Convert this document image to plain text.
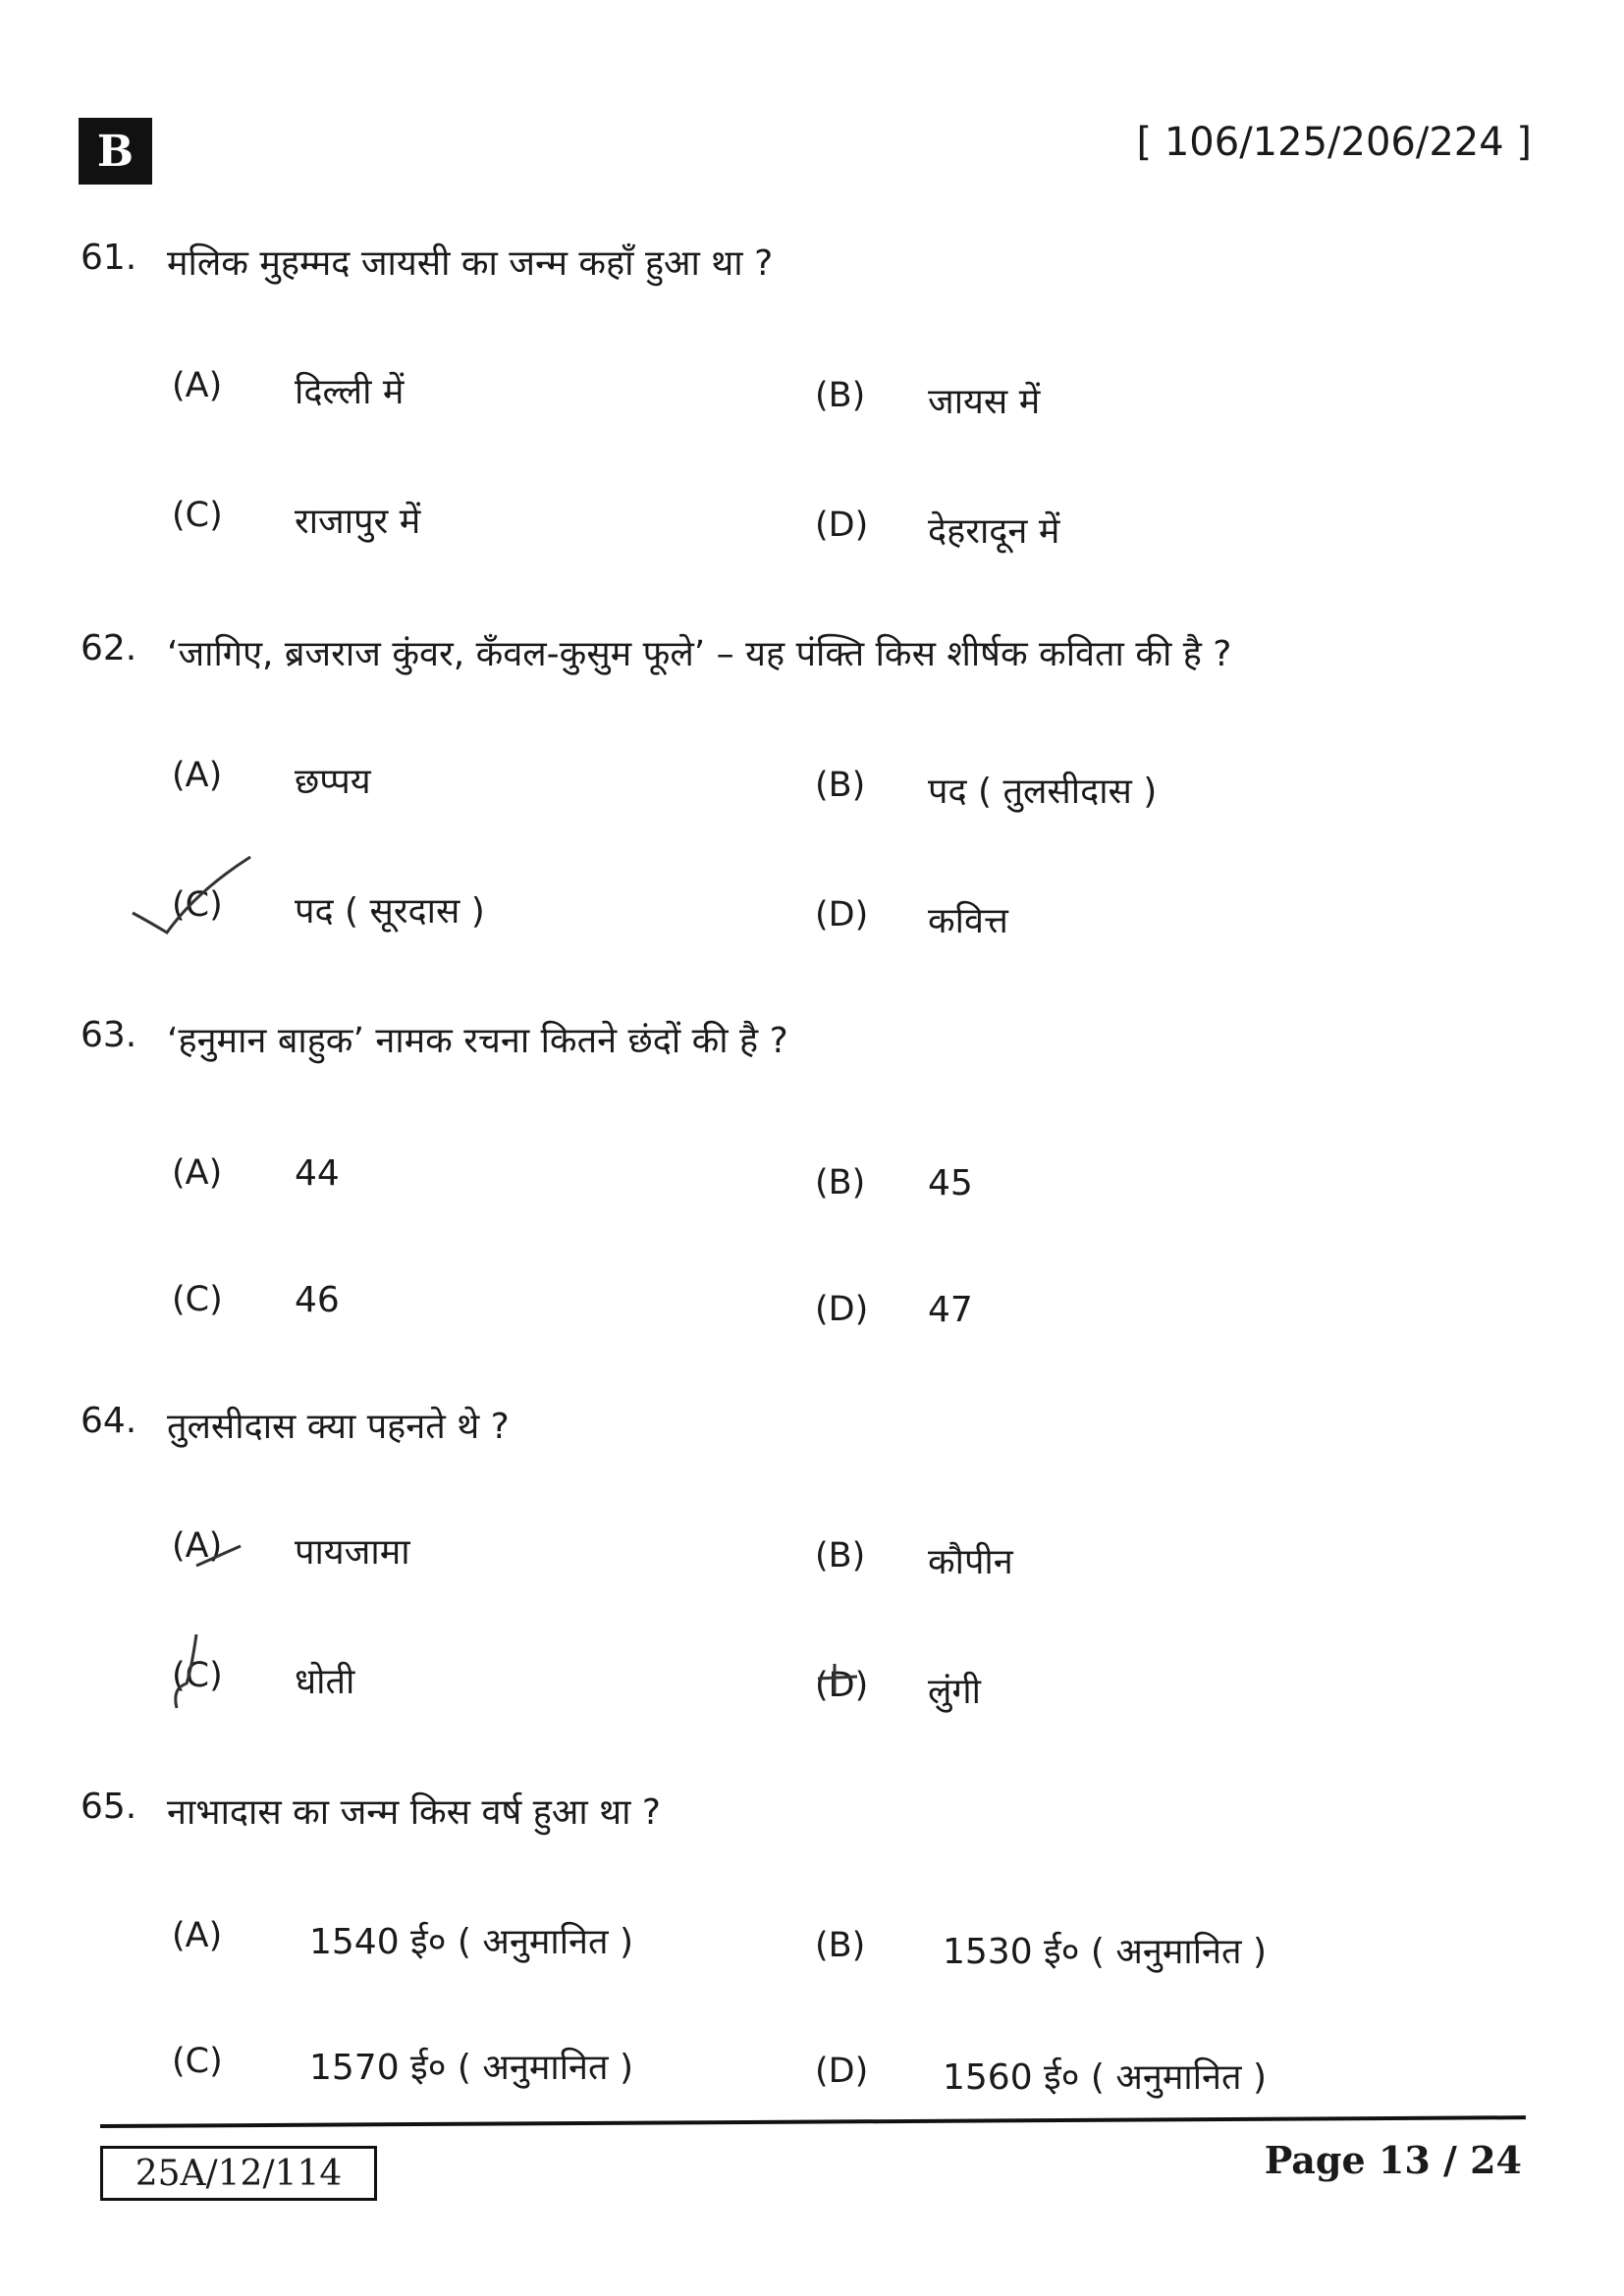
B	[ 106/125/206/224 ]
61. मलिक मुहम्मद जायसी का जन्म कहाँ हुआ था ?
(A) दिल्ली में	(B) जायस में
(C) राजापुर में	(D) देहरादून में
62. ‘जागिए, ब्रजराज कुंवर, कँवल-कुसुम फूले’ – यह पंक्ति किस शीर्षक कविता की है ?
(A) छप्पय	(B) पद ( तुलसीदास )
(C) पद ( सूरदास )	(D) कवित्त
63. ‘हनुमान बाहुक’ नामक रचना कितने छंदों की है ?
(A) 44	(B) 45
(C) 46	(D) 47
64. तुलसीदास क्या पहनते थे ?
(A) पायजामा	(B) कौपीन
(C) धोती	(D) लुंगी
65. नाभादास का जन्म किस वर्ष हुआ था ?
(A) 1540 ई० ( अनुमानित )	(B) 1530 ई० ( अनुमानित )
(C) 1570 ई० ( अनुमानित )	(D) 1560 ई० ( अनुमानित )
25A/12/114	Page 13 / 24
